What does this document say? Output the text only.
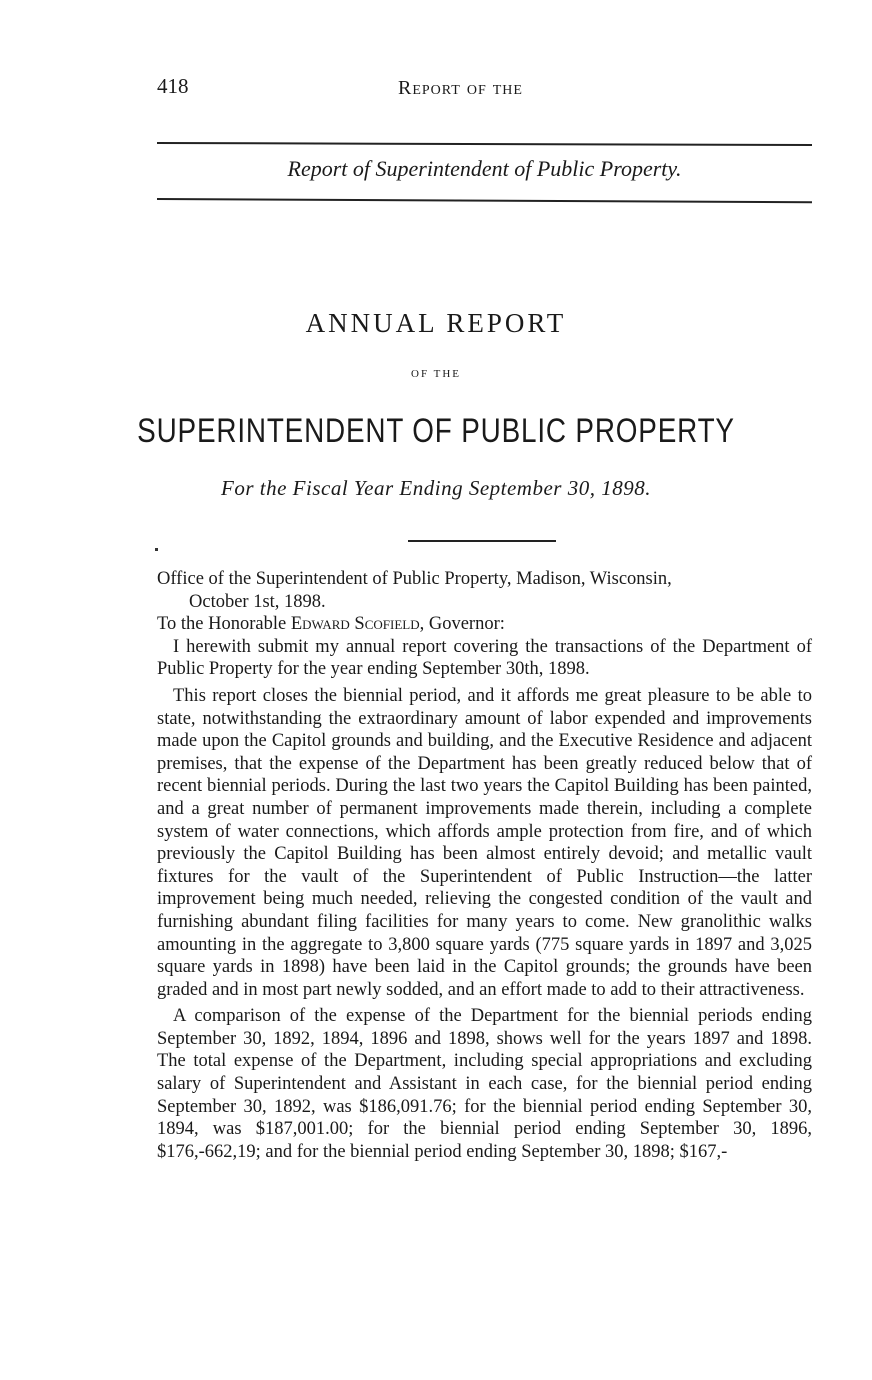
418	Report of the
Report of Superintendent of Public Property.
ANNUAL REPORT
OF THE
SUPERINTENDENT OF PUBLIC PROPERTY
For the Fiscal Year Ending September 30, 1898.

Office of the Superintendent of Public Property, Madison, Wisconsin,

October 1st, 1898.

To the Honorable Edward Scofield, Governor:

I herewith submit my annual report covering the transactions of the Department of Public Property for the year ending September 30th, 1898.

This report closes the biennial period, and it affords me great pleasure to be able to state, notwithstanding the extraordinary amount of labor expended and improvements made upon the Capitol grounds and building, and the Executive Residence and adjacent premises, that the expense of the Department has been greatly reduced below that of recent biennial periods. During the last two years the Capitol Building has been painted, and a great number of permanent improvements made therein, including a complete system of water connections, which affords ample protection from fire, and of which previously the Capitol Building has been almost entirely devoid; and metallic vault fixtures for the vault of the Superintendent of Public Instruction—the latter improvement being much needed, relieving the congested condition of the vault and furnishing abundant filing facilities for many years to come. New granolithic walks amounting in the aggregate to 3,800 square yards (775 square yards in 1897 and 3,025 square yards in 1898) have been laid in the Capitol grounds; the grounds have been graded and in most part newly sodded, and an effort made to add to their attractiveness.

A comparison of the expense of the Department for the biennial periods ending September 30, 1892, 1894, 1896 and 1898, shows well for the years 1897 and 1898. The total expense of the Department, including special appropriations and excluding salary of Superintendent and Assistant in each case, for the biennial period ending September 30, 1892, was $186,091.76; for the biennial period ending September 30, 1894, was $187,001.00; for the biennial period ending September 30, 1896, $176,-662,19; and for the biennial period ending September 30, 1898; $167,-
